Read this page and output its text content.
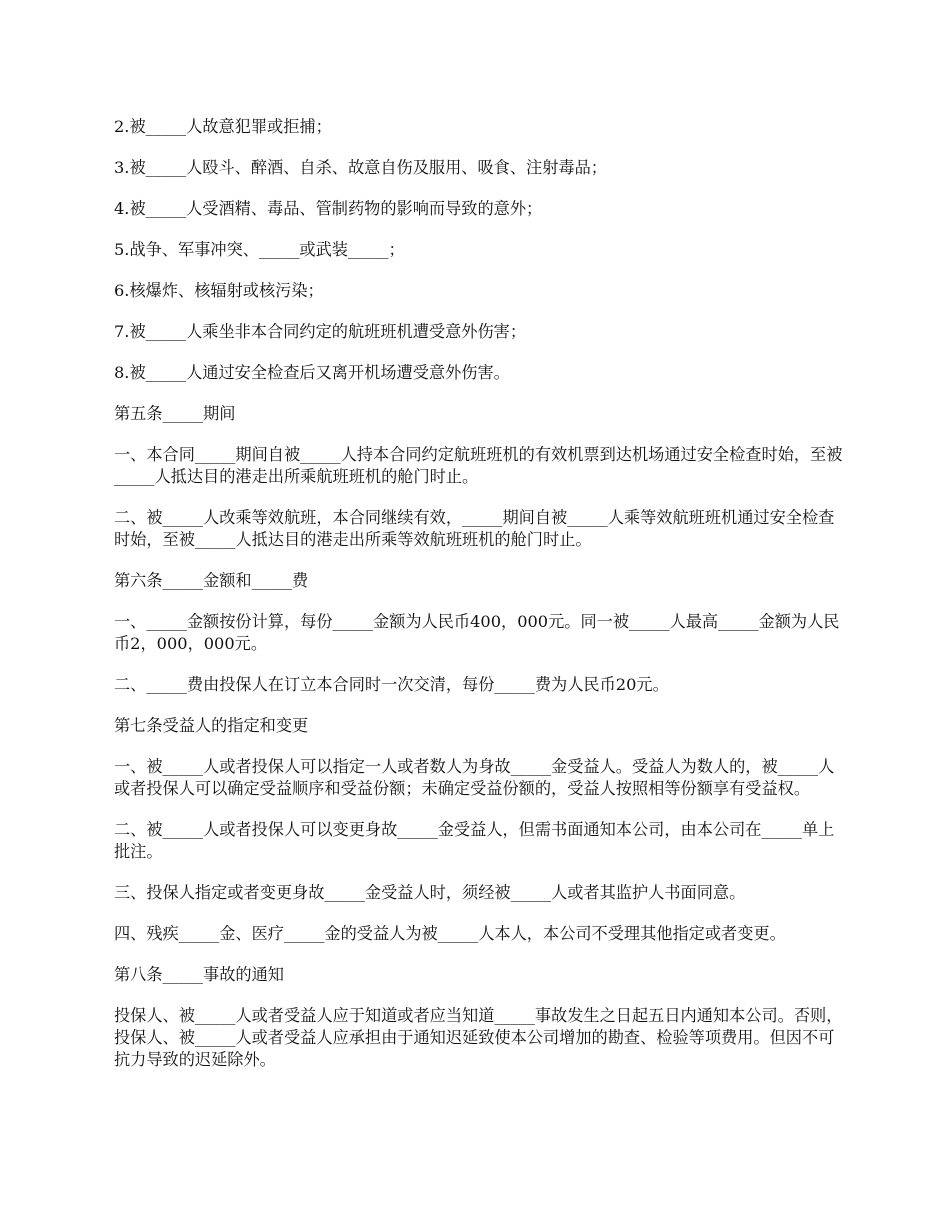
2.被_____人故意犯罪或拒捕；

3.被_____人殴斗、醉酒、自杀、故意自伤及服用、吸食、注射毒品；

4.被_____人受酒精、毒品、管制药物的影响而导致的意外；

5.战争、军事冲突、_____或武装_____；

6.核爆炸、核辐射或核污染；

7.被_____人乘坐非本合同约定的航班班机遭受意外伤害；

8.被_____人通过安全检查后又离开机场遭受意外伤害。

第五条_____期间

一、本合同_____期间自被_____人持本合同约定航班班机的有效机票到达机场通过安全检查时始，至被_____人抵达目的港走出所乘航班班机的舱门时止。

二、被_____人改乘等效航班，本合同继续有效，_____期间自被_____人乘等效航班班机通过安全检查时始，至被_____人抵达目的港走出所乘等效航班班机的舱门时止。

第六条_____金额和_____费

一、_____金额按份计算，每份_____金额为人民币400，000元。同一被_____人最高_____金额为人民币2，000，000元。

二、_____费由投保人在订立本合同时一次交清，每份_____费为人民币20元。

第七条受益人的指定和变更

一、被_____人或者投保人可以指定一人或者数人为身故_____金受益人。受益人为数人的，被_____人或者投保人可以确定受益顺序和受益份额；未确定受益份额的，受益人按照相等份额享有受益权。

二、被_____人或者投保人可以变更身故_____金受益人，但需书面通知本公司，由本公司在_____单上批注。

三、投保人指定或者变更身故_____金受益人时，须经被_____人或者其监护人书面同意。

四、残疾_____金、医疗_____金的受益人为被_____人本人，本公司不受理其他指定或者变更。

第八条_____事故的通知

投保人、被_____人或者受益人应于知道或者应当知道_____事故发生之日起五日内通知本公司。否则，投保人、被_____人或者受益人应承担由于通知迟延致使本公司增加的勘查、检验等项费用。但因不可抗力导致的迟延除外。
